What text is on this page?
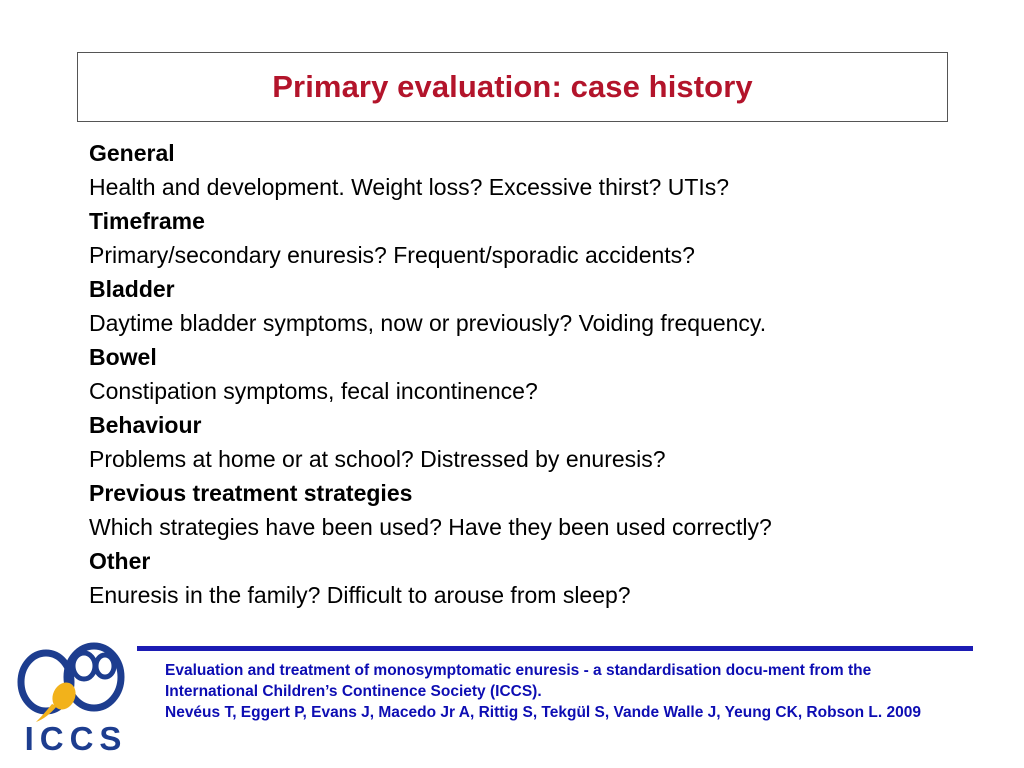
Primary evaluation: case history
General
Health and development. Weight loss? Excessive thirst? UTIs?
Timeframe
Primary/secondary enuresis? Frequent/sporadic accidents?
Bladder
Daytime bladder symptoms, now or previously? Voiding frequency.
Bowel
Constipation symptoms, fecal incontinence?
Behaviour
Problems at home or at school? Distressed by enuresis?
Previous treatment strategies
Which strategies have been used? Have they been used correctly?
Other
Enuresis in the family? Difficult to arouse from sleep?
ICCS

Evaluation and treatment of monosymptomatic enuresis - a standardisation docu-ment from the International Children’s Continence Society (ICCS).

Nevéus T, Eggert P, Evans J, Macedo Jr A, Rittig S, Tekgül S, Vande Walle J, Yeung CK, Robson L. 2009
